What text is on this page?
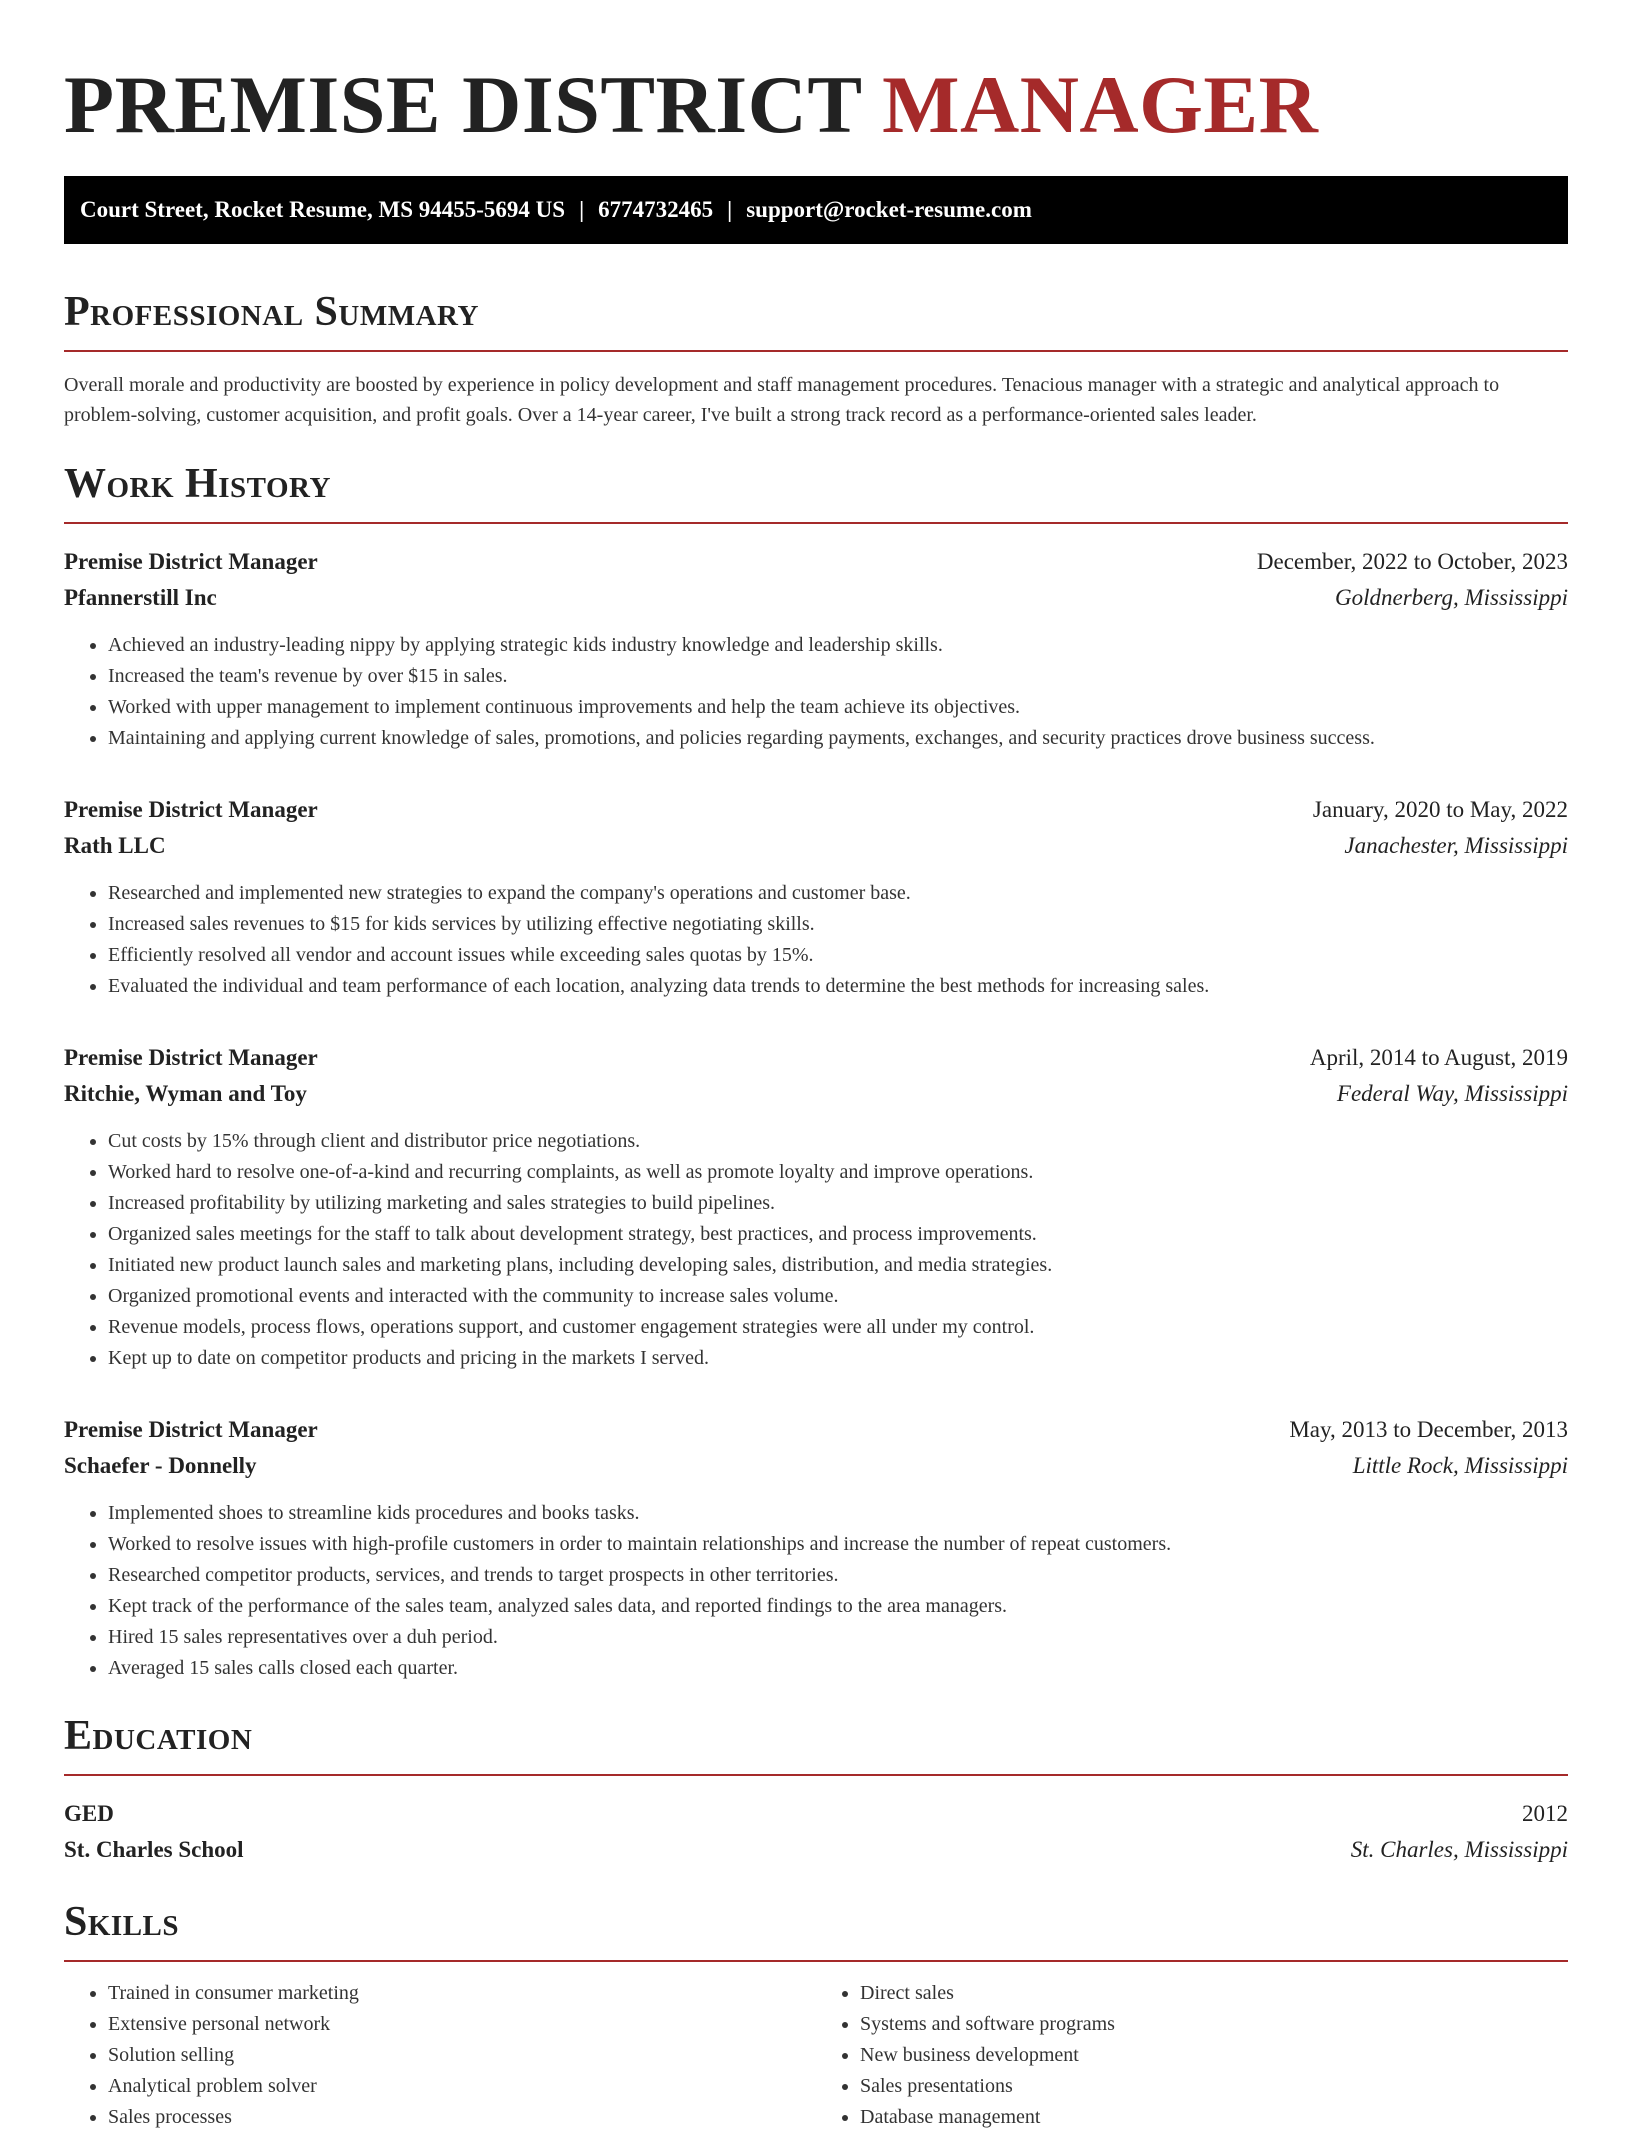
PREMISE DISTRICT MANAGER
Court Street, Rocket Resume, MS 94455-5694 US | 6774732465 | support@rocket-resume.com
Professional Summary

Overall morale and productivity are boosted by experience in policy development and staff management procedures. Tenacious manager with a strategic and analytical approach to problem-solving, customer acquisition, and profit goals. Over a 14-year career, I've built a strong track record as a performance-oriented sales leader.

Work History
Premise District Manager	December, 2022 to October, 2023
Pfannerstill Inc	Goldnerberg, Mississippi
• Achieved an industry-leading nippy by applying strategic kids industry knowledge and leadership skills.
• Increased the team's revenue by over $15 in sales.
• Worked with upper management to implement continuous improvements and help the team achieve its objectives.
• Maintaining and applying current knowledge of sales, promotions, and policies regarding payments, exchanges, and security practices drove business success.
Premise District Manager	January, 2020 to May, 2022
Rath LLC	Janachester, Mississippi
• Researched and implemented new strategies to expand the company's operations and customer base.
• Increased sales revenues to $15 for kids services by utilizing effective negotiating skills.
• Efficiently resolved all vendor and account issues while exceeding sales quotas by 15%.
• Evaluated the individual and team performance of each location, analyzing data trends to determine the best methods for increasing sales.
Premise District Manager	April, 2014 to August, 2019
Ritchie, Wyman and Toy	Federal Way, Mississippi
• Cut costs by 15% through client and distributor price negotiations.
• Worked hard to resolve one-of-a-kind and recurring complaints, as well as promote loyalty and improve operations.
• Increased profitability by utilizing marketing and sales strategies to build pipelines.
• Organized sales meetings for the staff to talk about development strategy, best practices, and process improvements.
• Initiated new product launch sales and marketing plans, including developing sales, distribution, and media strategies.
• Organized promotional events and interacted with the community to increase sales volume.
• Revenue models, process flows, operations support, and customer engagement strategies were all under my control.
• Kept up to date on competitor products and pricing in the markets I served.
Premise District Manager	May, 2013 to December, 2013
Schaefer - Donnelly	Little Rock, Mississippi
• Implemented shoes to streamline kids procedures and books tasks.
• Worked to resolve issues with high-profile customers in order to maintain relationships and increase the number of repeat customers.
• Researched competitor products, services, and trends to target prospects in other territories.
• Kept track of the performance of the sales team, analyzed sales data, and reported findings to the area managers.
• Hired 15 sales representatives over a duh period.
• Averaged 15 sales calls closed each quarter.
Education
GED	2012
St. Charles School	St. Charles, Mississippi
Skills
• Trained in consumer marketing
• Extensive personal network
• Solution selling
• Analytical problem solver
• Sales processes
• Direct sales
• Systems and software programs
• New business development
• Sales presentations
• Database management
